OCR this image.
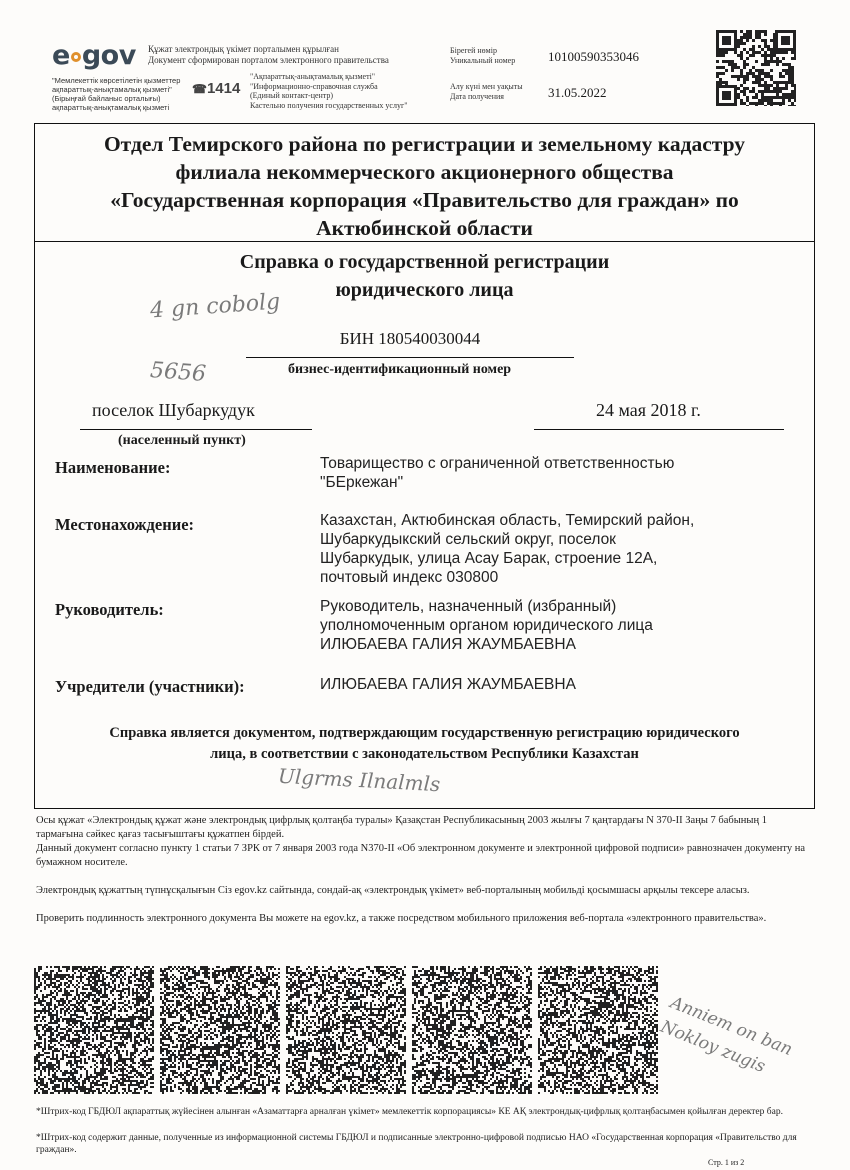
e gov
"Мемлекеттік көрсетілетін қызметтер ақпараттық-анықтамалық қызметі"
(Бірыңғай байланыс орталығы)
ақпараттық-анықтамалық қызметі
Құжат электрондық үкімет порталымен құрылған
Документ сформирован порталом электронного правительства
☎1414
"Ақпараттық-анықтамалық қызметі"
"Информационно-справочная служба
(Единый контакт-центр)
Кастельно получения государственных услуг"
Бірегей нөмір
Уникальный номер	10100590353046
Алу күні мен уақыты
Дата получения	31.05.2022
Отдел Темирского района по регистрации и земельному кадастру
филиала некоммерческого акционерного общества
«Государственная корпорация «Правительство для граждан» по
Актюбинской области
Справка о государственной регистрации
юридического лица
4 gn cobolg
БИН 180540030044
бизнес-идентификационный номер
5656
поселок Шубаркудук
(населенный пункт)
24 мая 2018 г.
Наименование:	Товарищество с ограниченной ответственностью
"БЕркежан"
Местонахождение:	Казахстан, Актюбинская область, Темирский район,
Шубаркудыкский сельский округ, поселок
Шубаркудык, улица Асау Барак, строение 12А,
почтовый индекс 030800
Руководитель:	Руководитель, назначенный (избранный)
уполномоченным органом юридического лица
ИЛЮБАЕВА ГАЛИЯ ЖАУМБАЕВНА
Учредители (участники):	ИЛЮБАЕВА ГАЛИЯ ЖАУМБАЕВНА
Справка является документом, подтверждающим государственную регистрацию юридического
лица, в соответствии с законодательством Республики Казахстан
Ulgrms Ilnalmls
Осы құжат «Электрондық құжат және электрондық цифрлық қолтаңба туралы» Қазақстан Республикасының 2003 жылғы 7 қаңтардағы N 370-II Заңы 7 бабының 1 тармағына сәйкес қағаз тасығыштағы құжатпен бірдей.
Данный документ согласно пункту 1 статьи 7 ЗРК от 7 января 2003 года N370-II «Об электронном документе и электронной цифровой подписи» равнозначен документу на бумажном носителе.
Электрондық құжаттың түпнұсқалығын Сіз egov.kz сайтында, сондай-ақ «электрондық үкімет» веб-порталының мобильді қосымшасы арқылы тексере аласыз.
Проверить подлинность электронного документа Вы можете на egov.kz, а также посредством мобильного приложения веб-портала «электронного правительства».
Anniem on ban Nokloy zugis
*Штрих-код ГБДЮЛ ақпараттық жүйесінен алынған «Азаматтарға арналған үкімет» мемлекеттік корпорациясы» КЕ АҚ электрондық-цифрлық қолтаңбасымен қойылған деректер бар.
*Штрих-код содержит данные, полученные из информационной системы ГБДЮЛ и подписанные электронно-цифровой подписью НАО «Государственная корпорация «Правительство для граждан».
Стр. 1 из 2
